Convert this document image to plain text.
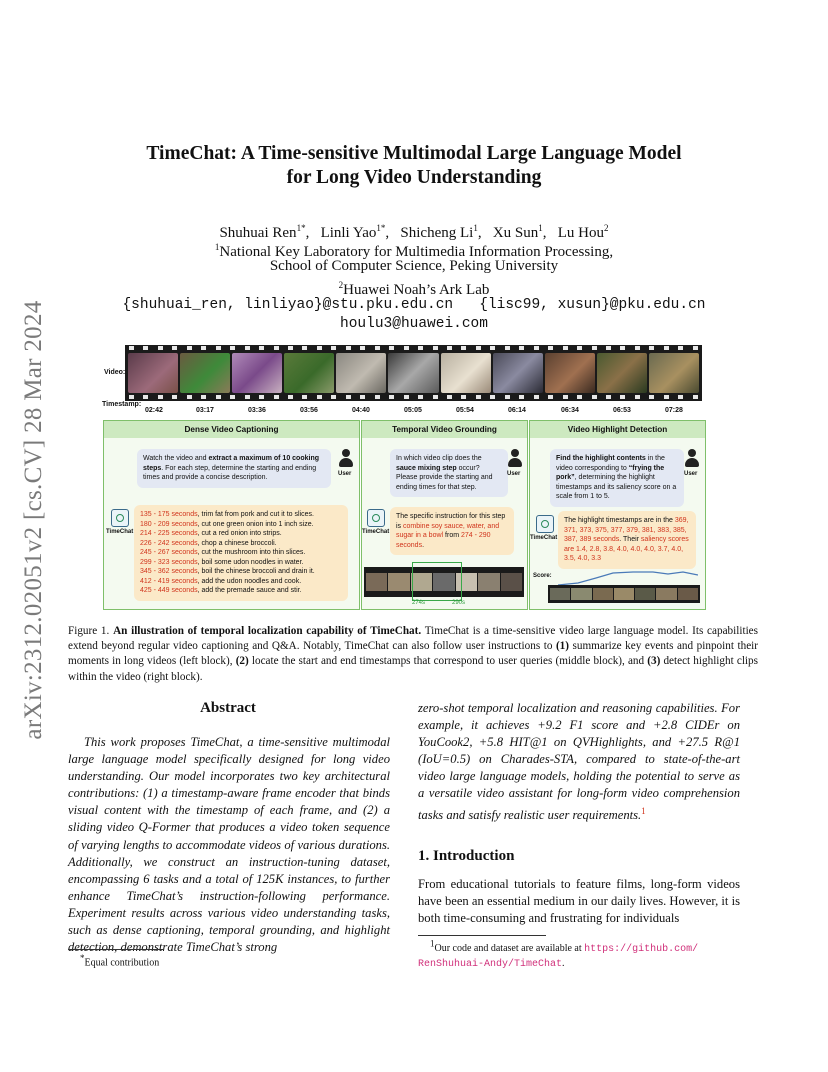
arXiv:2312.02051v2 [cs.CV] 28 Mar 2024
TimeChat: A Time-sensitive Multimodal Large Language Model
for Long Video Understanding
Shuhuai Ren$^{1*}$,   Linli Yao$^{1*}$,   Shicheng Li$^1$,   Xu Sun$^1$,   Lu Hou$^2$
$^1$National Key Laboratory for Multimedia Information Processing,
School of Computer Science, Peking University
$^2$Huawei Noah’s Ark Lab
{shuhuai_ren, linliyao}@stu.pku.edu.cn {lisc99, xusun}@pku.edu.cn
houlu3@huawei.com
Video:
Timestamp:
02:42	03:17	03:36	03:56	04:40	05:05	05:54	06:14	06:34	06:53	07:28
Dense Video Captioning
Watch the video and extract a maximum of 10 cooking steps. For each step, determine the starting and ending times and provide a concise description.
User
TimeChat
135 - 175 seconds, trim fat from pork and cut it to slices.
180 - 209 seconds, cut one green onion into 1 inch size.
214 - 225 seconds, cut a red onion into strips.
226 - 242 seconds, chop a chinese broccoli.
245 - 267 seconds, cut the mushroom into thin slices.
299 - 323 seconds, boil some udon noodles in water.
345 - 362 seconds, boil the chinese broccoli and drain it.
412 - 419 seconds, add the udon noodles and cook.
425 - 449 seconds, add the premade sauce and stir.
Temporal Video Grounding
In which video clip does the sauce mixing step occur? Please provide the starting and ending times for that step.
User
TimeChat
The specific instruction for this step is combine soy sauce, water, and sugar in a bowl from 274 - 290 seconds.
274s	290s
Video Highlight Detection
Find the highlight contents in the video corresponding to “frying the pork”, determining the highlight timestamps and its saliency score on a scale from 1 to 5.
User
TimeChat
The highlight timestamps are in the 369, 371, 373, 375, 377, 379, 381, 383, 385, 387, 389 seconds. Their saliency scores are 1.4, 2.8, 3.8, 4.0, 4.0, 4.0, 3.7, 4.0, 3.5, 4.0, 3.3
Score:
Figure 1. An illustration of temporal localization capability of TimeChat. TimeChat is a time-sensitive video large language model. Its capabilities extend beyond regular video captioning and Q&A. Notably, TimeChat can also follow user instructions to (1) summarize key events and pinpoint their moments in long videos (left block), (2) locate the start and end timestamps that correspond to user queries (middle block), and (3) detect highlight clips within the video (right block).
Abstract
This work proposes TimeChat, a time-sensitive multimodal large language model specifically designed for long video understanding. Our model incorporates two key architectural contributions: (1) a timestamp-aware frame encoder that binds visual content with the timestamp of each frame, and (2) a sliding video Q-Former that produces a video token sequence of varying lengths to accommodate videos of various durations. Additionally, we construct an instruction-tuning dataset, encompassing 6 tasks and a total of 125K instances, to further enhance TimeChat’s instruction-following performance. Experiment results across various video understanding tasks, such as dense captioning, temporal grounding, and highlight detection, demonstrate TimeChat’s strong
zero-shot temporal localization and reasoning capabilities. For example, it achieves +9.2 F1 score and +2.8 CIDEr on YouCook2, +5.8 HIT@1 on QVHighlights, and +27.5 R@1 (IoU=0.5) on Charades-STA, compared to state-of-the-art video large language models, holding the potential to serve as a versatile video assistant for long-form video comprehension tasks and satisfy realistic user requirements.$^1$
1. Introduction
From educational tutorials to feature films, long-form videos have been an essential medium in our daily lives. However, it is both time-consuming and frustrating for individuals
*Equal contribution
$^1$Our code and dataset are available at https://github.com/
RenShuhuai-Andy/TimeChat.
